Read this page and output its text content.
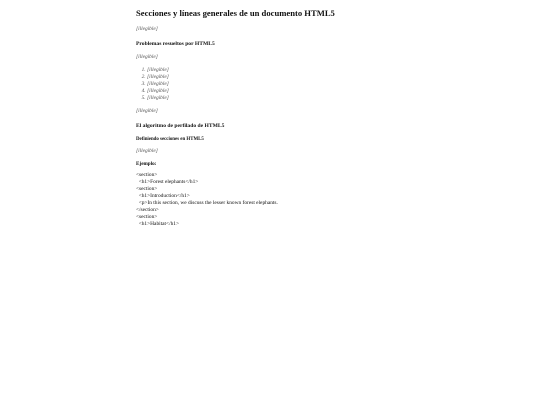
Secciones y líneas generales de un documento HTML5

[illegible]

Problemas resueltos por HTML5

[illegible]

1. [illegible]
2. [illegible]
3. [illegible]
4. [illegible]
5. [illegible]

[illegible]

El algoritmo de perfilado de HTML5
Definiendo secciones en HTML5

[illegible]

Ejemplo:
<section>
<h1>Forest elephants</h1>
<section>
<h1>Introduction</h1>
<p>In this section, we discuss the lesser known forest elephants.
</section>
<section>
<h1>Habitat</h1>
